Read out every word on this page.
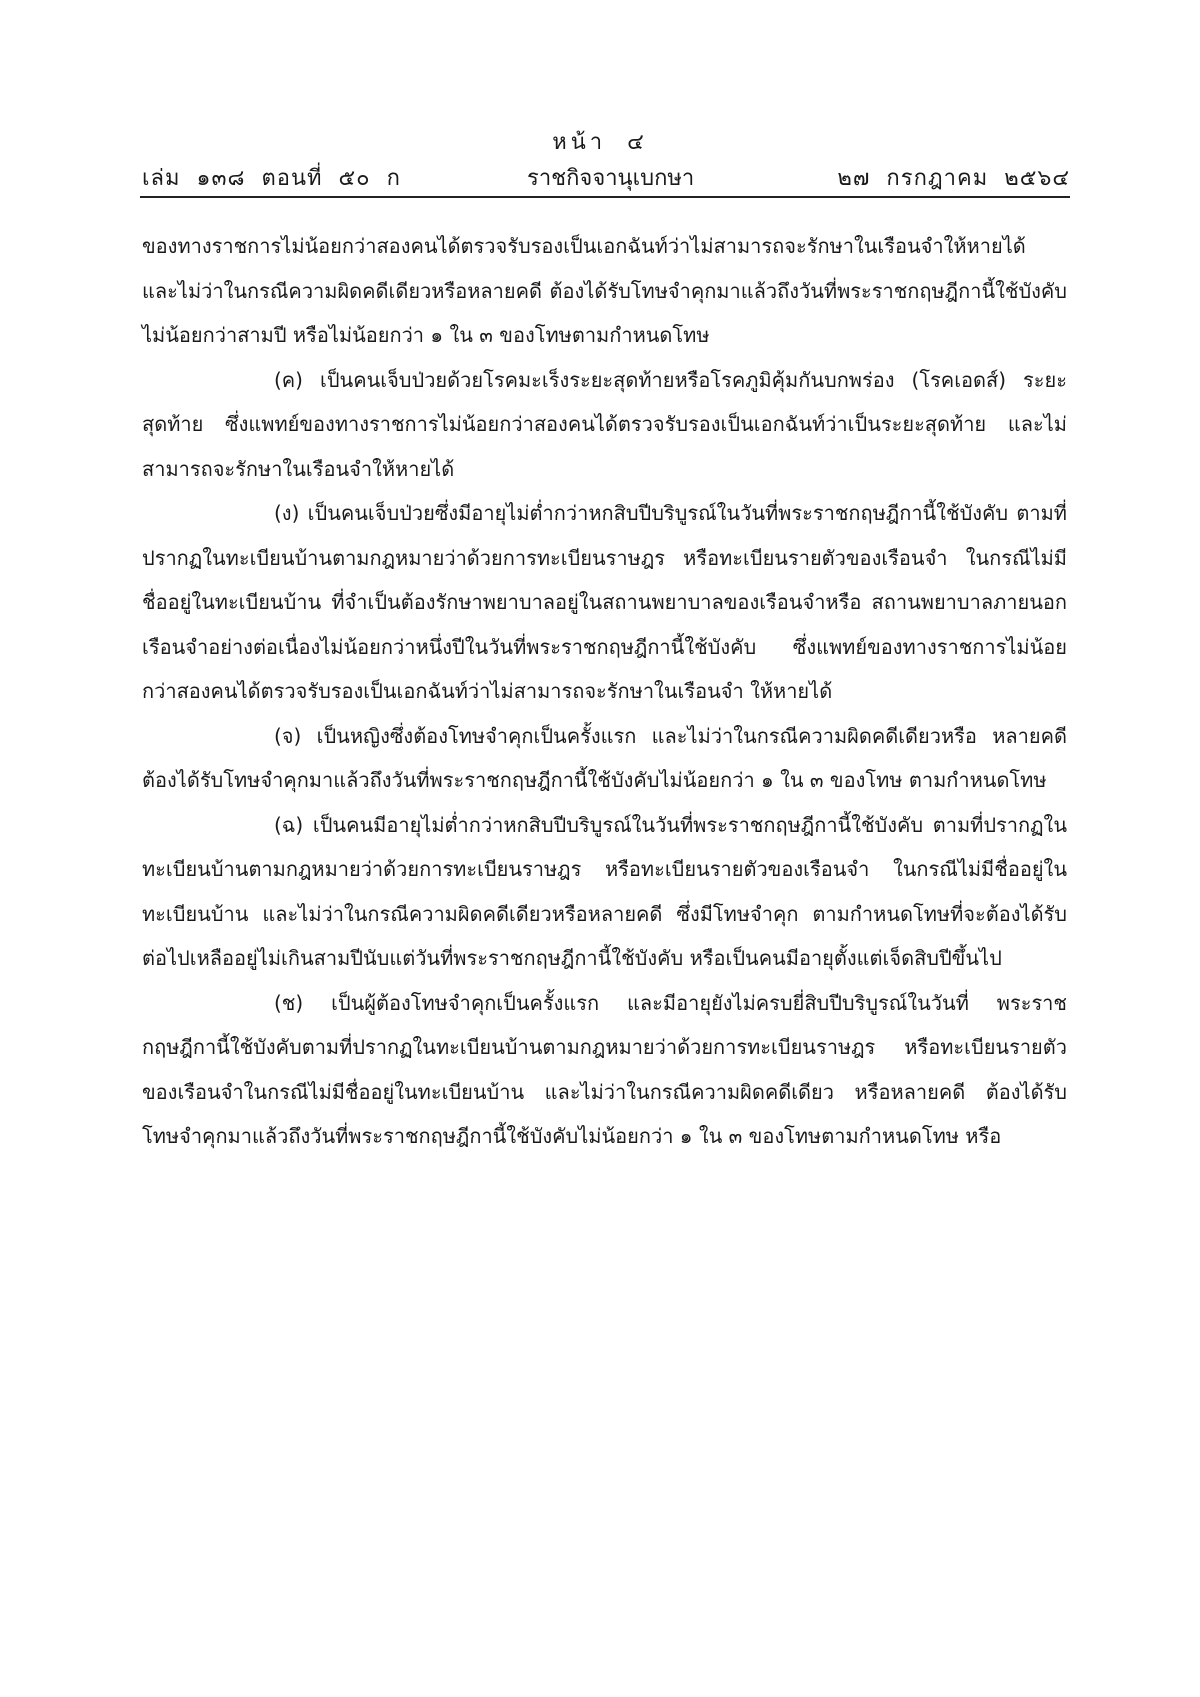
หน้า ๔
เล่ม ๑๓๘ ตอนที่ ๕๐ ก	ราชกิจจานุเบกษา	๒๗ กรกฎาคม ๒๕๖๔

ของทางราชการไม่น้อยกว่าสองคนได้ตรวจรับรองเป็นเอกฉันท์ว่าไม่สามารถจะรักษาในเรือนจำให้หายได้ และไม่ว่าในกรณีความผิดคดีเดียวหรือหลายคดี ต้องได้รับโทษจำคุกมาแล้วถึงวันที่พระราชกฤษฎีกานี้ใช้บังคับไม่น้อยกว่าสามปี หรือไม่น้อยกว่า ๑ ใน ๓ ของโทษตามกำหนดโทษ

(ค) เป็นคนเจ็บป่วยด้วยโรคมะเร็งระยะสุดท้ายหรือโรคภูมิคุ้มกันบกพร่อง (โรคเอดส์) ระยะสุดท้าย ซึ่งแพทย์ของทางราชการไม่น้อยกว่าสองคนได้ตรวจรับรองเป็นเอกฉันท์ว่าเป็นระยะสุดท้าย และไม่สามารถจะรักษาในเรือนจำให้หายได้

(ง) เป็นคนเจ็บป่วยซึ่งมีอายุไม่ต่ำกว่าหกสิบปีบริบูรณ์ในวันที่พระราชกฤษฎีกานี้ใช้บังคับ ตามที่ปรากฏในทะเบียนบ้านตามกฎหมายว่าด้วยการทะเบียนราษฎร หรือทะเบียนรายตัวของเรือนจำ ในกรณีไม่มีชื่ออยู่ในทะเบียนบ้าน ที่จำเป็นต้องรักษาพยาบาลอยู่ในสถานพยาบาลของเรือนจำหรือ สถานพยาบาลภายนอกเรือนจำอย่างต่อเนื่องไม่น้อยกว่าหนึ่งปีในวันที่พระราชกฤษฎีกานี้ใช้บังคับ ซึ่งแพทย์ของทางราชการไม่น้อยกว่าสองคนได้ตรวจรับรองเป็นเอกฉันท์ว่าไม่สามารถจะรักษาในเรือนจำ ให้หายได้

(จ) เป็นหญิงซึ่งต้องโทษจำคุกเป็นครั้งแรก และไม่ว่าในกรณีความผิดคดีเดียวหรือ หลายคดี ต้องได้รับโทษจำคุกมาแล้วถึงวันที่พระราชกฤษฎีกานี้ใช้บังคับไม่น้อยกว่า ๑ ใน ๓ ของโทษ ตามกำหนดโทษ

(ฉ) เป็นคนมีอายุไม่ต่ำกว่าหกสิบปีบริบูรณ์ในวันที่พระราชกฤษฎีกานี้ใช้บังคับ ตามที่ปรากฏในทะเบียนบ้านตามกฎหมายว่าด้วยการทะเบียนราษฎร หรือทะเบียนรายตัวของเรือนจำ ในกรณีไม่มีชื่ออยู่ในทะเบียนบ้าน และไม่ว่าในกรณีความผิดคดีเดียวหรือหลายคดี ซึ่งมีโทษจำคุก ตามกำหนดโทษที่จะต้องได้รับต่อไปเหลืออยู่ไม่เกินสามปีนับแต่วันที่พระราชกฤษฎีกานี้ใช้บังคับ หรือเป็นคนมีอายุตั้งแต่เจ็ดสิบปีขึ้นไป

(ช) เป็นผู้ต้องโทษจำคุกเป็นครั้งแรก และมีอายุยังไม่ครบยี่สิบปีบริบูรณ์ในวันที่ พระราชกฤษฎีกานี้ใช้บังคับตามที่ปรากฏในทะเบียนบ้านตามกฎหมายว่าด้วยการทะเบียนราษฎร หรือทะเบียนรายตัวของเรือนจำในกรณีไม่มีชื่ออยู่ในทะเบียนบ้าน และไม่ว่าในกรณีความผิดคดีเดียว หรือหลายคดี ต้องได้รับโทษจำคุกมาแล้วถึงวันที่พระราชกฤษฎีกานี้ใช้บังคับไม่น้อยกว่า ๑ ใน ๓ ของโทษตามกำหนดโทษ หรือ
